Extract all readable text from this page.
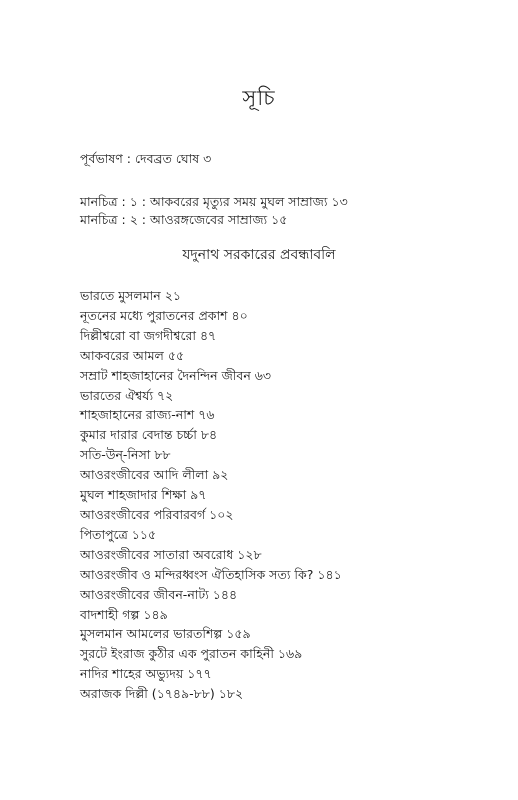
সূচি
পূর্বভাষণ : দেবব্রত ঘোষ ৩
মানচিত্র : ১ : আকবরের মৃত্যুর সময় মুঘল সাম্রাজ্য ১৩
মানচিত্র : ২ : আওরঙ্গজেবের সাম্রাজ্য ১৫
যদুনাথ সরকারের প্রবন্ধাবলি
ভারতে মুসলমান ২১
নূতনের মধ্যে পুরাতনের প্রকাশ ৪০
দিল্লীশ্বরো বা জগদীশ্বরো ৪৭
আকবরের আমল ৫৫
সম্রাট শাহজাহানের দৈনন্দিন জীবন ৬৩
ভারতের ঐশ্বর্য্য ৭২
শাহজাহানের রাজ্য-নাশ ৭৬
কুমার দারার বেদান্ত চর্চ্চা ৮৪
সতি-উন্-নিসা ৮৮
আওরংজীবের আদি লীলা ৯২
মুঘল শাহজাদার শিক্ষা ৯৭
আওরংজীবের পরিবারবর্গ ১০২
পিতাপুত্রে ১১৫
আওরংজীবের সাতারা অবরোধ ১২৮
আওরংজীব ও মন্দিরধ্বংস ঐতিহাসিক সত্য কি? ১৪১
আওরংজীবের জীবন-নাট্য ১৪৪
বাদশাহী গল্প ১৪৯
মুসলমান আমলের ভারতশিল্প ১৫৯
সুরটে ইংরাজ কুঠীর এক পুরাতন কাহিনী ১৬৯
নাদির শাহের অভ্যুদয় ১৭৭
অরাজক দিল্লী (১৭৪৯-৮৮) ১৮২
